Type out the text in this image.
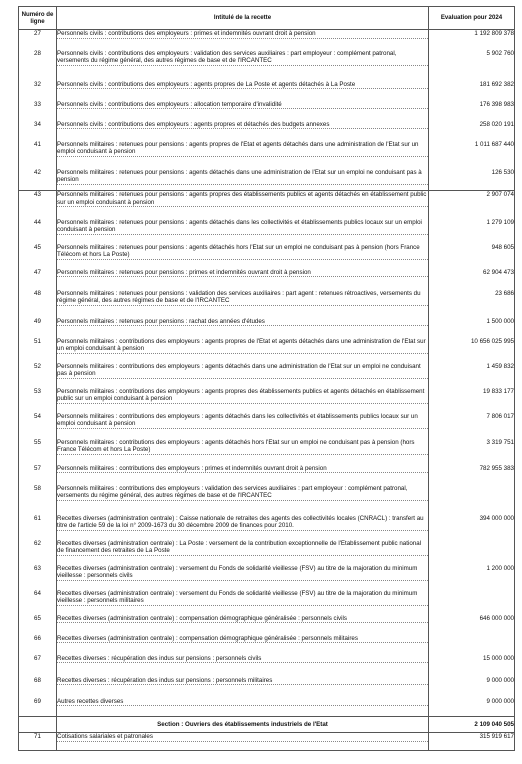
Numéro de ligne	Intitulé de la recette	Evaluation pour 2024
27	Personnels civils : contributions des employeurs : primes et indemnités ouvrant droit à pension	1 192 809 378
28	Personnels civils : contributions des employeurs : validation des services auxiliaires : part employeur : complément patronal, versements du régime général, des autres régimes de base et de l'IRCANTEC	5 902 760
32	Personnels civils : contributions des employeurs : agents propres de La Poste et agents détachés à La Poste	181 692 382
33	Personnels civils : contributions des employeurs : allocation temporaire d'invalidité	176 398 983
34	Personnels civils : contributions des employeurs : agents propres et détachés des budgets annexes	258 020 191
41	Personnels militaires : retenues pour pensions : agents propres de l'Etat et agents détachés dans une administration de l'Etat sur un emploi conduisant à pension	1 011 687 440
42	Personnels militaires : retenues pour pensions : agents détachés dans une administration de l'Etat sur un emploi ne conduisant pas à pension	126 530
43	Personnels militaires : retenues pour pensions : agents propres des établissements publics et agents détachés en établissement public sur un emploi conduisant à pension	2 907 074
44	Personnels militaires : retenues pour pensions : agents détachés dans les collectivités et établissements publics locaux sur un emploi conduisant à pension	1 279 109
45	Personnels militaires : retenues pour pensions : agents détachés hors l'Etat sur un emploi ne conduisant pas à pension (hors France Télécom et hors La Poste)	948 605
47	Personnels militaires : retenues pour pensions : primes et indemnités ouvrant droit à pension	62 904 473
48	Personnels militaires : retenues pour pensions : validation des services auxiliaires : part agent : retenues rétroactives, versements du régime général, des autres régimes de base et de l'IRCANTEC	23 686
49	Personnels militaires : retenues pour pensions : rachat des années d'études	1 500 000
51	Personnels militaires : contributions des employeurs : agents propres de l'Etat et agents détachés dans une administration de l'Etat sur un emploi conduisant à pension	10 656 025 995
52	Personnels militaires : contributions des employeurs : agents détachés dans une administration de l'Etat sur un emploi ne conduisant pas à pension	1 459 832
53	Personnels militaires : contributions des employeurs : agents propres des établissements publics et agents détachés en établissement public sur un emploi conduisant à pension	19 833 177
54	Personnels militaires : contributions des employeurs : agents détachés dans les collectivités et établissements publics locaux sur un emploi conduisant à pension	7 806 017
55	Personnels militaires : contributions des employeurs : agents détachés hors l'Etat sur un emploi ne conduisant pas à pension (hors France Télécom et hors La Poste)	3 319 751
57	Personnels militaires : contributions des employeurs : primes et indemnités ouvrant droit à pension	782 955 383
58	Personnels militaires : contributions des employeurs : validation des services auxiliaires : part employeur : complément patronal, versements du régime général, des autres régimes de base et de l'IRCANTEC	

61	Recettes diverses (administration centrale) : Caisse nationale de retraites des agents des collectivités locales (CNRACL) : transfert au titre de l'article 59 de la loi n° 2009-1673 du 30 décembre 2009 de finances pour 2010.	394 000 000
62	Recettes diverses (administration centrale) : La Poste : versement de la contribution exceptionnelle de l'Etablissement public national de financement des retraites de La Poste	

63	Recettes diverses (administration centrale) : versement du Fonds de solidarité vieillesse (FSV) au titre de la majoration du minimum vieillesse : personnels civils	1 200 000
64	Recettes diverses (administration centrale) : versement du Fonds de solidarité vieillesse (FSV) au titre de la majoration du minimum vieillesse : personnels militaires	

65	Recettes diverses (administration centrale) : compensation démographique généralisée : personnels civils	646 000 000
66	Recettes diverses (administration centrale) : compensation démographique généralisée : personnels militaires	

67	Recettes diverses : récupération des indus sur pensions : personnels civils	15 000 000
68	Recettes diverses : récupération des indus sur pensions : personnels militaires	9 000 000
69	Autres recettes diverses	9 000 000
	Section : Ouvriers des établissements industriels de l'Etat	2 109 040 505
71	Cotisations salariales et patronales	315 919 617
